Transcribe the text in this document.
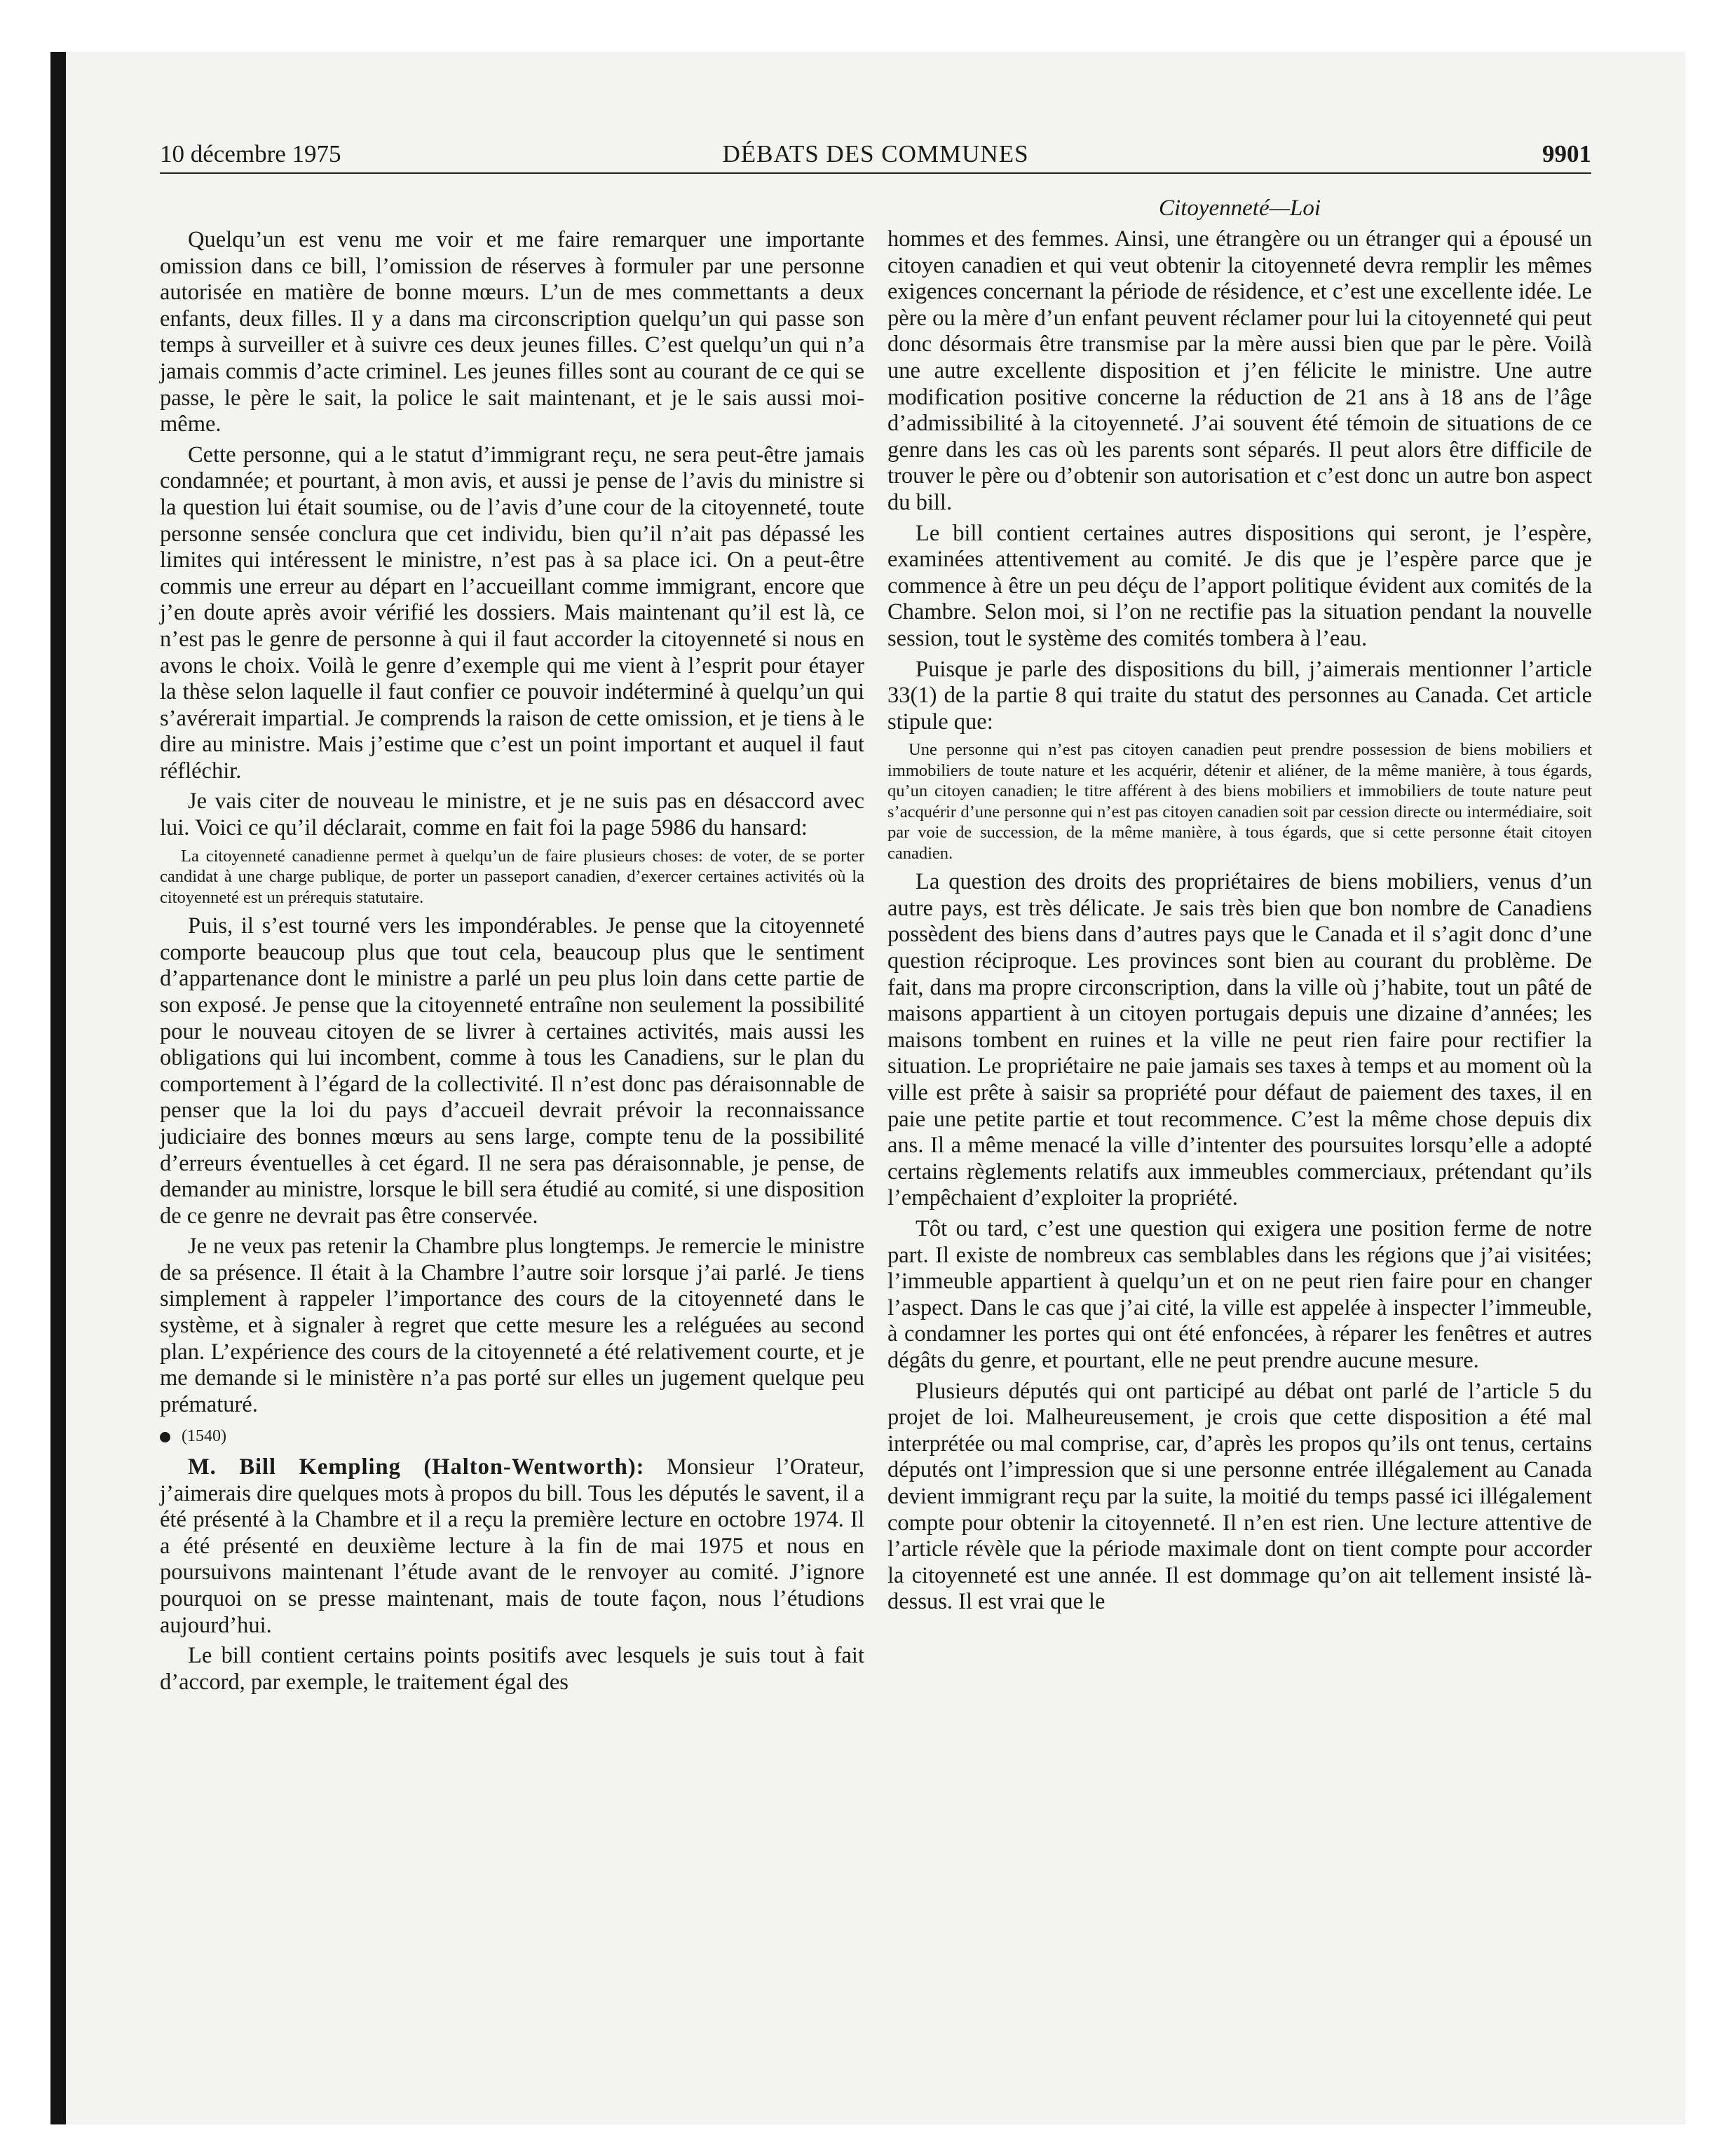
10 décembre 1975	DÉBATS DES COMMUNES	9901

Quelqu’un est venu me voir et me faire remarquer une importante omission dans ce bill, l’omission de réserves à formuler par une personne autorisée en matière de bonne mœurs. L’un de mes commettants a deux enfants, deux filles. Il y a dans ma circonscription quelqu’un qui passe son temps à surveiller et à suivre ces deux jeunes filles. C’est quelqu’un qui n’a jamais commis d’acte criminel. Les jeunes filles sont au courant de ce qui se passe, le père le sait, la police le sait maintenant, et je le sais aussi moi-même.

Cette personne, qui a le statut d’immigrant reçu, ne sera peut-être jamais condamnée; et pourtant, à mon avis, et aussi je pense de l’avis du ministre si la question lui était soumise, ou de l’avis d’une cour de la citoyenneté, toute personne sensée conclura que cet individu, bien qu’il n’ait pas dépassé les limites qui intéressent le ministre, n’est pas à sa place ici. On a peut-être commis une erreur au départ en l’accueillant comme immigrant, encore que j’en doute après avoir vérifié les dossiers. Mais maintenant qu’il est là, ce n’est pas le genre de personne à qui il faut accorder la citoyenneté si nous en avons le choix. Voilà le genre d’exemple qui me vient à l’esprit pour étayer la thèse selon laquelle il faut confier ce pouvoir indéterminé à quelqu’un qui s’avérerait impartial. Je comprends la raison de cette omission, et je tiens à le dire au ministre. Mais j’estime que c’est un point important et auquel il faut réfléchir.

Je vais citer de nouveau le ministre, et je ne suis pas en désaccord avec lui. Voici ce qu’il déclarait, comme en fait foi la page 5986 du hansard:

La citoyenneté canadienne permet à quelqu’un de faire plusieurs choses: de voter, de se porter candidat à une charge publique, de porter un passeport canadien, d’exercer certaines activités où la citoyenneté est un prérequis statutaire.

Puis, il s’est tourné vers les impondérables. Je pense que la citoyenneté comporte beaucoup plus que tout cela, beaucoup plus que le sentiment d’appartenance dont le ministre a parlé un peu plus loin dans cette partie de son exposé. Je pense que la citoyenneté entraîne non seulement la possibilité pour le nouveau citoyen de se livrer à certaines activités, mais aussi les obligations qui lui incombent, comme à tous les Canadiens, sur le plan du comportement à l’égard de la collectivité. Il n’est donc pas déraisonnable de penser que la loi du pays d’accueil devrait prévoir la reconnaissance judiciaire des bonnes mœurs au sens large, compte tenu de la possibilité d’erreurs éventuelles à cet égard. Il ne sera pas déraisonnable, je pense, de demander au ministre, lorsque le bill sera étudié au comité, si une disposition de ce genre ne devrait pas être conservée.

Je ne veux pas retenir la Chambre plus longtemps. Je remercie le ministre de sa présence. Il était à la Chambre l’autre soir lorsque j’ai parlé. Je tiens simplement à rappeler l’importance des cours de la citoyenneté dans le système, et à signaler à regret que cette mesure les a reléguées au second plan. L’expérience des cours de la citoyenneté a été relativement courte, et je me demande si le ministère n’a pas porté sur elles un jugement quelque peu prématuré.

(1540)

M. Bill Kempling (Halton-Wentworth): Monsieur l’Orateur, j’aimerais dire quelques mots à propos du bill. Tous les députés le savent, il a été présenté à la Chambre et il a reçu la première lecture en octobre 1974. Il a été présenté en deuxième lecture à la fin de mai 1975 et nous en poursuivons maintenant l’étude avant de le renvoyer au comité. J’ignore pourquoi on se presse maintenant, mais de toute façon, nous l’étudions aujourd’hui.

Le bill contient certains points positifs avec lesquels je suis tout à fait d’accord, par exemple, le traitement égal des

Citoyenneté—Loi

hommes et des femmes. Ainsi, une étrangère ou un étranger qui a épousé un citoyen canadien et qui veut obtenir la citoyenneté devra remplir les mêmes exigences concernant la période de résidence, et c’est une excellente idée. Le père ou la mère d’un enfant peuvent réclamer pour lui la citoyenneté qui peut donc désormais être transmise par la mère aussi bien que par le père. Voilà une autre excellente disposition et j’en félicite le ministre. Une autre modification positive concerne la réduction de 21 ans à 18 ans de l’âge d’admissibilité à la citoyenneté. J’ai souvent été témoin de situations de ce genre dans les cas où les parents sont séparés. Il peut alors être difficile de trouver le père ou d’obtenir son autorisation et c’est donc un autre bon aspect du bill.

Le bill contient certaines autres dispositions qui seront, je l’espère, examinées attentivement au comité. Je dis que je l’espère parce que je commence à être un peu déçu de l’apport politique évident aux comités de la Chambre. Selon moi, si l’on ne rectifie pas la situation pendant la nouvelle session, tout le système des comités tombera à l’eau.

Puisque je parle des dispositions du bill, j’aimerais mentionner l’article 33(1) de la partie 8 qui traite du statut des personnes au Canada. Cet article stipule que:

Une personne qui n’est pas citoyen canadien peut prendre possession de biens mobiliers et immobiliers de toute nature et les acquérir, détenir et aliéner, de la même manière, à tous égards, qu’un citoyen canadien; le titre afférent à des biens mobiliers et immobiliers de toute nature peut s’acquérir d’une personne qui n’est pas citoyen canadien soit par cession directe ou intermédiaire, soit par voie de succession, de la même manière, à tous égards, que si cette personne était citoyen canadien.

La question des droits des propriétaires de biens mobiliers, venus d’un autre pays, est très délicate. Je sais très bien que bon nombre de Canadiens possèdent des biens dans d’autres pays que le Canada et il s’agit donc d’une question réciproque. Les provinces sont bien au courant du problème. De fait, dans ma propre circonscription, dans la ville où j’habite, tout un pâté de maisons appartient à un citoyen portugais depuis une dizaine d’années; les maisons tombent en ruines et la ville ne peut rien faire pour rectifier la situation. Le propriétaire ne paie jamais ses taxes à temps et au moment où la ville est prête à saisir sa propriété pour défaut de paiement des taxes, il en paie une petite partie et tout recommence. C’est la même chose depuis dix ans. Il a même menacé la ville d’intenter des poursuites lorsqu’elle a adopté certains règlements relatifs aux immeubles commerciaux, prétendant qu’ils l’empêchaient d’exploiter la propriété.

Tôt ou tard, c’est une question qui exigera une position ferme de notre part. Il existe de nombreux cas semblables dans les régions que j’ai visitées; l’immeuble appartient à quelqu’un et on ne peut rien faire pour en changer l’aspect. Dans le cas que j’ai cité, la ville est appelée à inspecter l’immeuble, à condamner les portes qui ont été enfoncées, à réparer les fenêtres et autres dégâts du genre, et pourtant, elle ne peut prendre aucune mesure.

Plusieurs députés qui ont participé au débat ont parlé de l’article 5 du projet de loi. Malheureusement, je crois que cette disposition a été mal interprétée ou mal comprise, car, d’après les propos qu’ils ont tenus, certains députés ont l’impression que si une personne entrée illégalement au Canada devient immigrant reçu par la suite, la moitié du temps passé ici illégalement compte pour obtenir la citoyenneté. Il n’en est rien. Une lecture attentive de l’article révèle que la période maximale dont on tient compte pour accorder la citoyenneté est une année. Il est dommage qu’on ait tellement insisté là-dessus. Il est vrai que le
